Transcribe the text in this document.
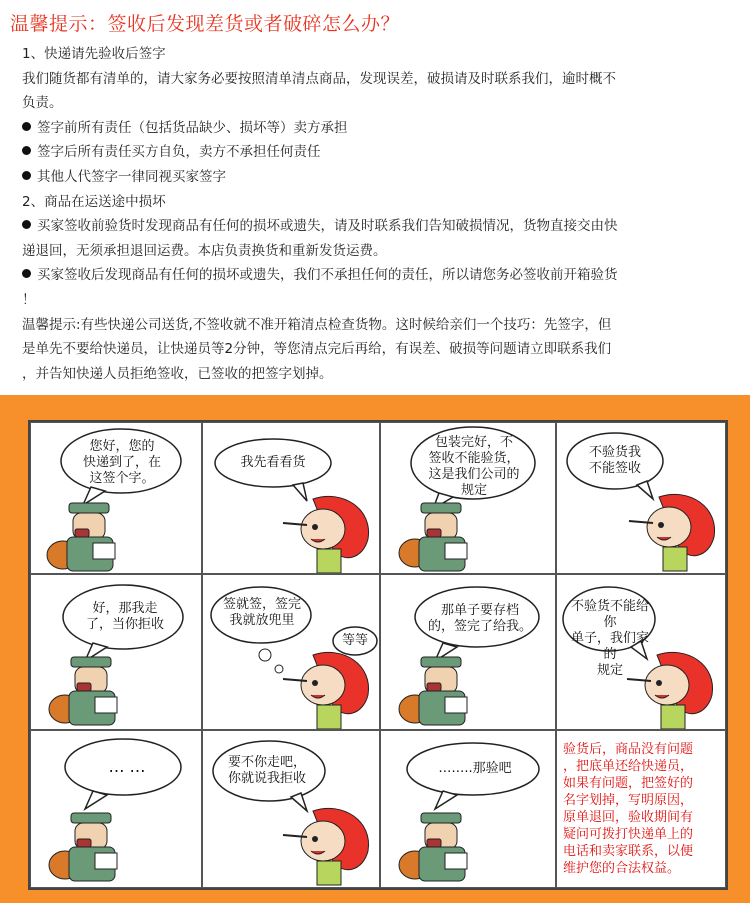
温馨提示：签收后发现差货或者破碎怎么办？
1、快递请先验收后签字
我们随货都有清单的，请大家务必要按照清单清点商品，发现误差，破损请及时联系我们，逾时概不
负责。
签字前所有责任（包括货品缺少、损坏等）卖方承担
签字后所有责任买方自负，卖方不承担任何责任
其他人代签字一律同视买家签字
2、商品在运送途中损坏
买家签收前验货时发现商品有任何的损坏或遗失，请及时联系我们告知破损情况，货物直接交由快
递退回，无须承担退回运费。本店负责换货和重新发货运费。
买家签收后发现商品有任何的损坏或遗失，我们不承担任何的责任，所以请您务必签收前开箱验货
！
温馨提示:有些快递公司送货,不签收就不准开箱清点检查货物。这时候给亲们一个技巧：先签字，但
是单先不要给快递员，让快递员等2分钟，等您清点完后再给，有误差、破损等问题请立即联系我们
，并告知快递人员拒绝签收，已签收的把签字划掉。
您好，您的
快递到了，在
这签个字。
我先看看货
包装完好，不
签收不能验货，
这是我们公司的
规定
不验货我
不能签收
好，那我走
了，当你拒收
签就签，签完
我就放兜里
等等
那单子要存档
的，签完了给我。
不验货不能给你
单子，我们家的
规定
… …	要不你走吧，
你就说我拒收
……..那验吧
验货后，商品没有问题
，把底单还给快递员，
如果有问题，把签好的
名字划掉，写明原因，
原单退回，验收期间有
疑问可拨打快递单上的
电话和卖家联系，以便
维护您的合法权益。
